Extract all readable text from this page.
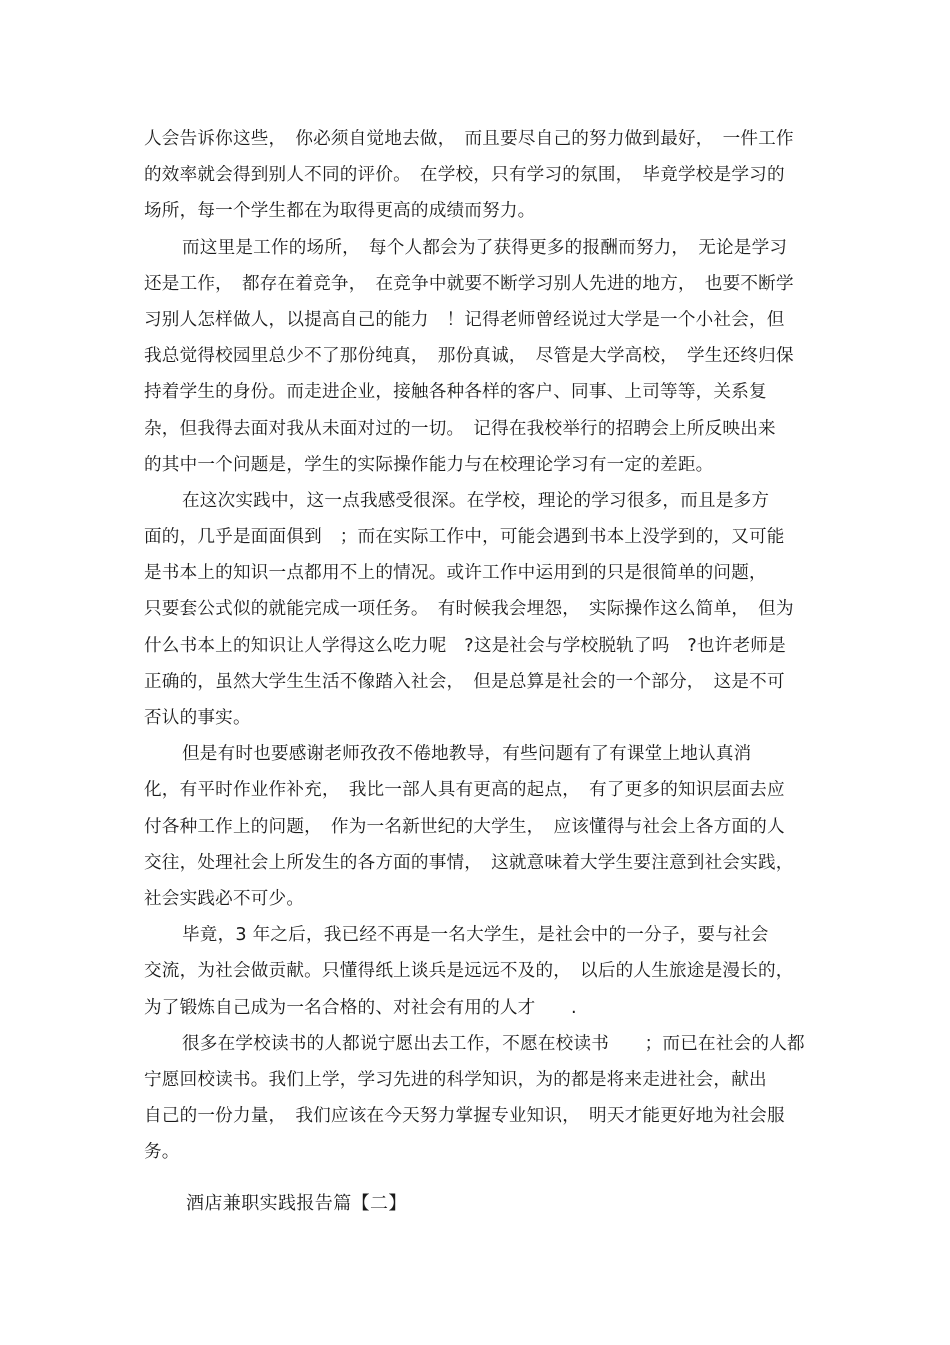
人会告诉你这些，　你必须自觉地去做，　而且要尽自己的努力做到最好，　一件工作
的效率就会得到别人不同的评价。　在学校，只有学习的氛围，　毕竟学校是学习的
场所，每一个学生都在为取得更高的成绩而努力。
而这里是工作的场所，　每个人都会为了获得更多的报酬而努力，　无论是学习
还是工作，　都存在着竞争，　在竞争中就要不断学习别人先进的地方，　也要不断学
习别人怎样做人，以提高自己的能力　！记得老师曾经说过大学是一个小社会，但
我总觉得校园里总少不了那份纯真，　那份真诚，　尽管是大学高校，　学生还终归保
持着学生的身份。而走进企业，接触各种各样的客户、同事、上司等等，关系复
杂，但我得去面对我从未面对过的一切。　记得在我校举行的招聘会上所反映出来
的其中一个问题是，学生的实际操作能力与在校理论学习有一定的差距。
在这次实践中，这一点我感受很深。在学校，理论的学习很多，而且是多方
面的，几乎是面面俱到　；而在实际工作中，可能会遇到书本上没学到的，又可能
是书本上的知识一点都用不上的情况。或许工作中运用到的只是很简单的问题，
只要套公式似的就能完成一项任务。　有时候我会埋怨，　实际操作这么简单，　但为
什么书本上的知识让人学得这么吃力呢　?这是社会与学校脱轨了吗　?也许老师是
正确的，虽然大学生生活不像踏入社会，　但是总算是社会的一个部分，　这是不可
否认的事实。
但是有时也要感谢老师孜孜不倦地教导，有些问题有了有课堂上地认真消
化，有平时作业作补充，　我比一部人具有更高的起点，　有了更多的知识层面去应
付各种工作上的问题，　作为一名新世纪的大学生，　应该懂得与社会上各方面的人
交往，处理社会上所发生的各方面的事情，　这就意味着大学生要注意到社会实践，
社会实践必不可少。
毕竟，3 年之后，我已经不再是一名大学生，是社会中的一分子，要与社会
交流，为社会做贡献。只懂得纸上谈兵是远远不及的，　以后的人生旅途是漫长的，
为了锻炼自己成为一名合格的、对社会有用的人才　　.
很多在学校读书的人都说宁愿出去工作，不愿在校读书　　；而已在社会的人都
宁愿回校读书。我们上学，学习先进的科学知识，为的都是将来走进社会，献出
自己的一份力量，　我们应该在今天努力掌握专业知识，　明天才能更好地为社会服
务。
酒店兼职实践报告篇【二】
